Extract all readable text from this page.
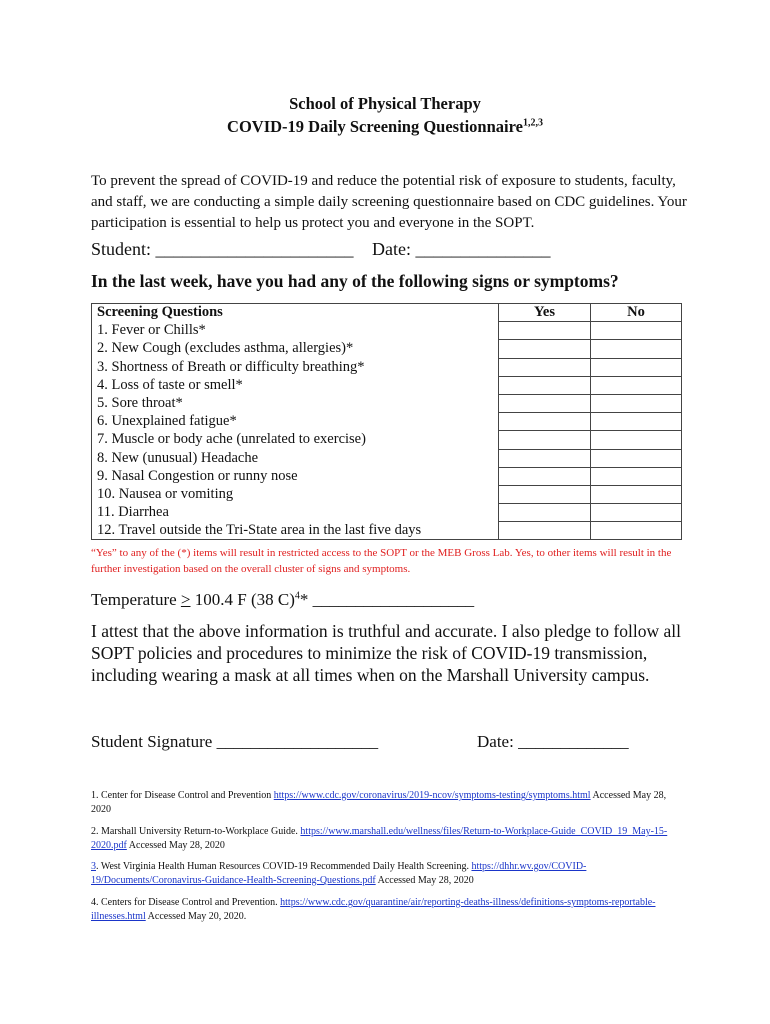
School of Physical Therapy
COVID-19 Daily Screening Questionnaire$^{1,2,3}$
To prevent the spread of COVID-19 and reduce the potential risk of exposure to students, faculty, and staff, we are conducting a simple daily screening questionnaire based on CDC guidelines. Your participation is essential to help us protect you and everyone in the SOPT.
Student: ______________________ Date: _______________
In the last week, have you had any of the following signs or symptoms?
Screening Questions	Yes	No
1. Fever or Chills*		
2. New Cough (excludes asthma, allergies)*		
3. Shortness of Breath or difficulty breathing*		
4. Loss of taste or smell*		
5. Sore throat*		
6. Unexplained fatigue*		
7. Muscle or body ache (unrelated to exercise)		
8. New (unusual) Headache		
9. Nasal Congestion or runny nose		
10. Nausea or vomiting		
11. Diarrhea		
12. Travel outside the Tri-State area in the last five days		
“Yes” to any of the (*) items will result in restricted access to the SOPT or the MEB Gross Lab. Yes, to other items will result in the further investigation based on the overall cluster of signs and symptoms.
Temperature ≥ 100.4 F (38 C)$^4$* ___________________
I attest that the above information is truthful and accurate. I also pledge to follow all SOPT policies and procedures to minimize the risk of COVID-19 transmission, including wearing a mask at all times when on the Marshall University campus.
Student Signature ___________________	Date: _____________
1. Center for Disease Control and Prevention https://www.cdc.gov/coronavirus/2019-ncov/symptoms-testing/symptoms.html Accessed May 28, 2020
2. Marshall University Return-to-Workplace Guide. https://www.marshall.edu/wellness/files/Return-to-Workplace-Guide_COVID_19_May-15-2020.pdf Accessed May 28, 2020
3. West Virginia Health Human Resources COVID-19 Recommended Daily Health Screening. https://dhhr.wv.gov/COVID-19/Documents/Coronavirus-Guidance-Health-Screening-Questions.pdf Accessed May 28, 2020
4. Centers for Disease Control and Prevention. https://www.cdc.gov/quarantine/air/reporting-deaths-illness/definitions-symptoms-reportable-illnesses.html Accessed May 20, 2020.
